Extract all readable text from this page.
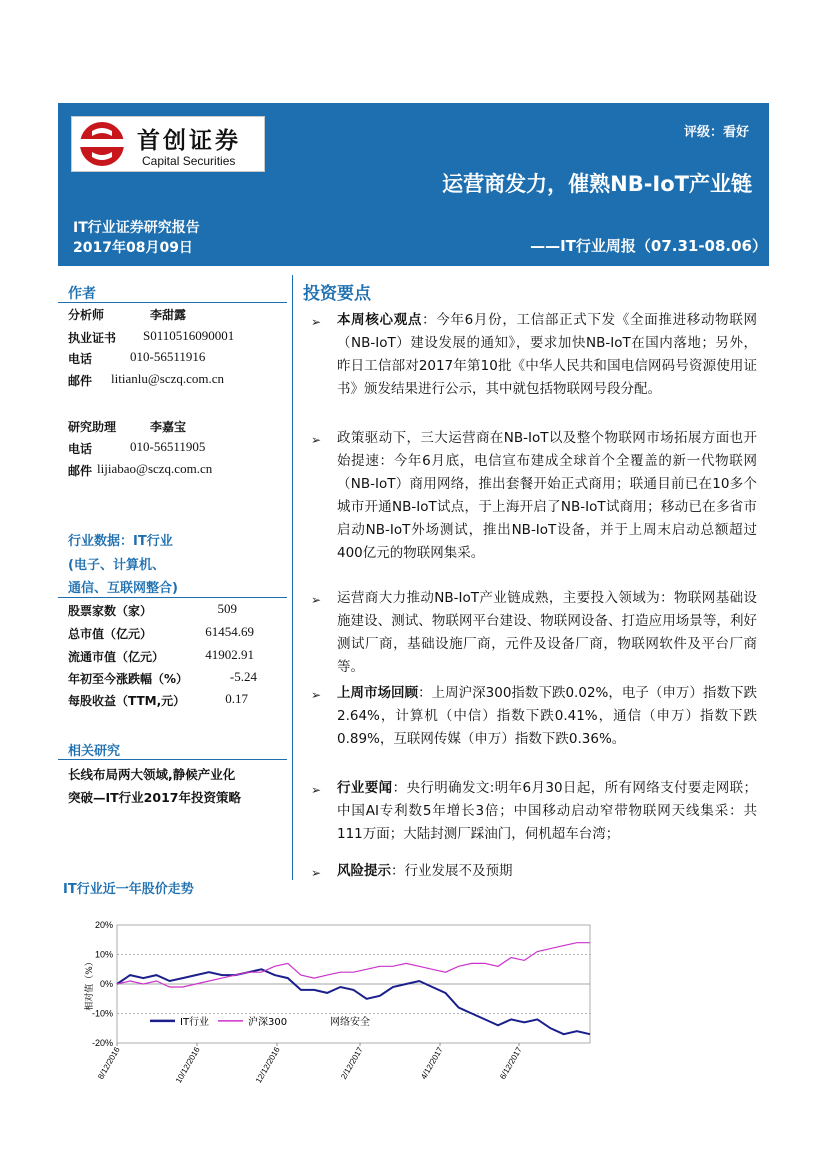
首创证券
Capital Securities
评级：看好
运营商发力，催熟NB-IoT产业链
IT行业证券研究报告
2017年08月09日	——IT行业周报（07.31-08.06）
作者
分析师	李甜露
执业证书 S0110516090001
电话	010-56511916
邮件 litianlu@sczq.com.cn
研究助理	李嘉宝
电话	010-56511905
邮件 lijiabao@sczq.com.cn
行业数据：IT行业
(电子、计算机、
通信、互联网整合)
股票家数（家）	509
总市值（亿元）	61454.69
流通市值（亿元）	41902.91
年初至今涨跌幅（%）	-5.24
每股收益（TTM,元）	0.17
相关研究
长线布局两大领域,静候产业化
突破—IT行业2017年投资策略
投资要点
➢ 本周核心观点：今年6月份，工信部正式下发《全面推进移动物联网（NB-IoT）建设发展的通知》，要求加快NB-IoT在国内落地；另外，昨日工信部对2017年第10批《中华人民共和国电信网码号资源使用证书》颁发结果进行公示，其中就包括物联网号段分配。
➢ 政策驱动下，三大运营商在NB-IoT以及整个物联网市场拓展方面也开始提速：今年6月底，电信宣布建成全球首个全覆盖的新一代物联网（NB-IoT）商用网络，推出套餐开始正式商用；联通目前已在10多个城市开通NB-IoT试点，于上海开启了NB-IoT试商用；移动已在多省市启动NB-IoT外场测试，推出NB-IoT设备，并于上周末启动总额超过400亿元的物联网集采。
➢ 运营商大力推动NB-IoT产业链成熟，主要投入领域为：物联网基础设施建设、测试、物联网平台建设、物联网设备、打造应用场景等，利好测试厂商，基础设施厂商，元件及设备厂商，物联网软件及平台厂商等。
➢ 上周市场回顾：上周沪深300指数下跌0.02%，电子（申万）指数下跌2.64%，计算机（中信）指数下跌0.41%，通信（申万）指数下跌0.89%，互联网传媒（申万）指数下跌0.36%。
➢ 行业要闻：央行明确发文:明年6月30日起，所有网络支付要走网联；中国AI专利数5年增长3倍；中国移动启动窄带物联网天线集采：共111万面；大陆封测厂踩油门，伺机超车台湾；
➢ 风险提示：行业发展不及预期
IT行业近一年股价走势
20%
10%
0%
-10%
-20%
相对值（%）
8/12/2016	10/12/2016	12/12/2016	2/12/2017	4/12/2017	6/12/2017
IT行业	沪深300	网络安全
